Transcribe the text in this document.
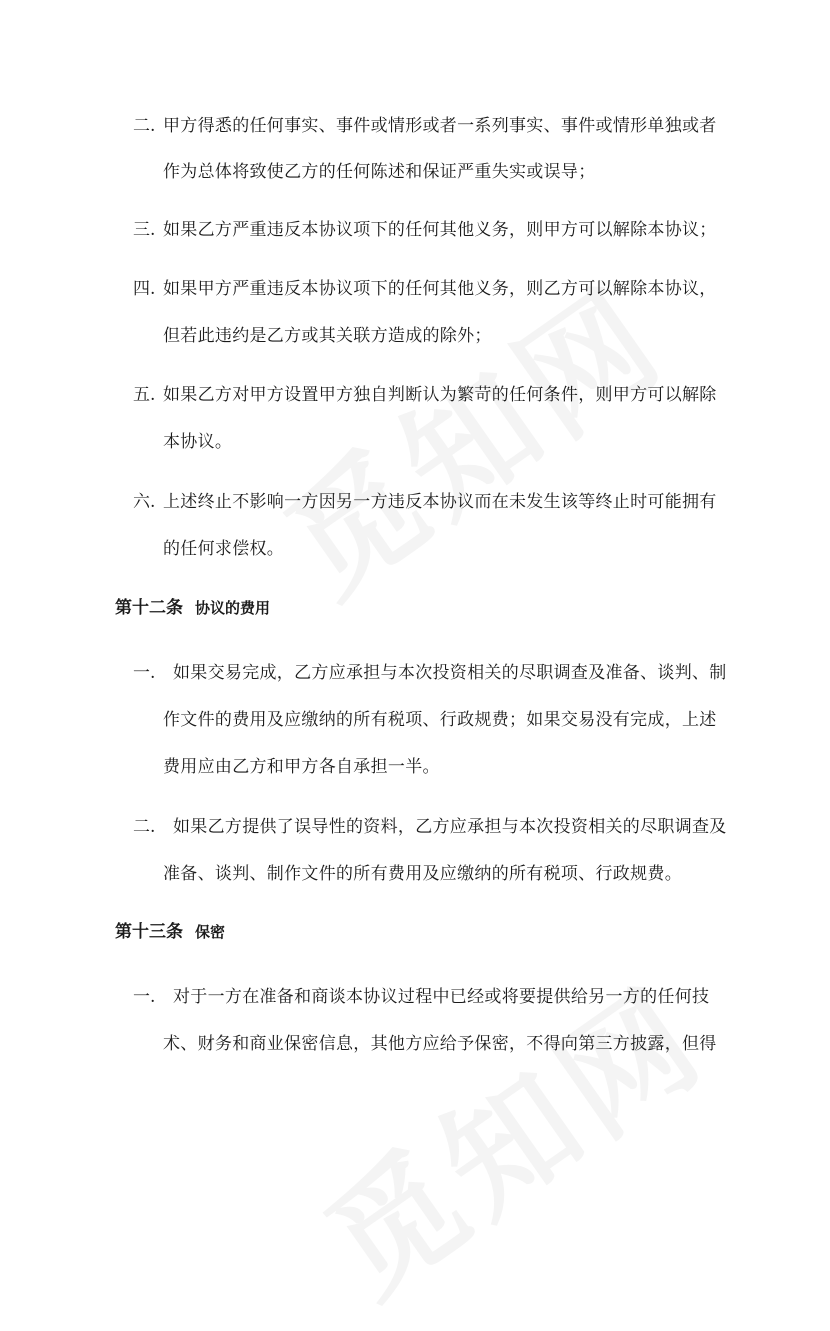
二. 甲方得悉的任何事实、事件或情形或者一系列事实、事件或情形单独或者
作为总体将致使乙方的任何陈述和保证严重失实或误导；
三. 如果乙方严重违反本协议项下的任何其他义务，则甲方可以解除本协议；
四. 如果甲方严重违反本协议项下的任何其他义务，则乙方可以解除本协议，
但若此违约是乙方或其关联方造成的除外；
五. 如果乙方对甲方设置甲方独自判断认为繁苛的任何条件，则甲方可以解除
本协议。
六. 上述终止不影响一方因另一方违反本协议而在未发生该等终止时可能拥有
的任何求偿权。
第十二条 协议的费用
一. 如果交易完成，乙方应承担与本次投资相关的尽职调查及准备、谈判、制
作文件的费用及应缴纳的所有税项、行政规费；如果交易没有完成，上述
费用应由乙方和甲方各自承担一半。
二. 如果乙方提供了误导性的资料，乙方应承担与本次投资相关的尽职调查及
准备、谈判、制作文件的所有费用及应缴纳的所有税项、行政规费。
第十三条 保密
一. 对于一方在准备和商谈本协议过程中已经或将要提供给另一方的任何技
术、财务和商业保密信息，其他方应给予保密，不得向第三方披露，但得
